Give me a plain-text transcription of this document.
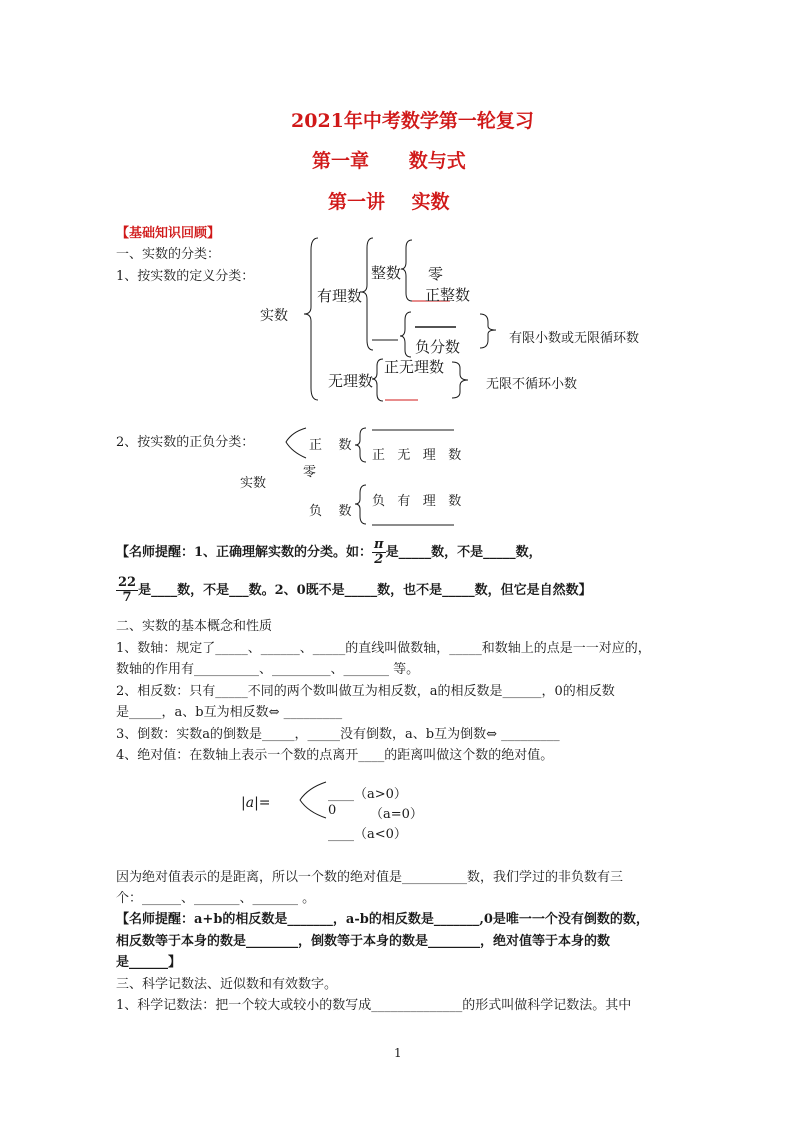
2021年中考数学第一轮复习
第一章      数与式
第一讲    实数
【基础知识回顾】
一、实数的分类：
1、按实数的定义分类：
实数
有理数
整数 零
正整数
负分数	有限小数或无限循环数
无理数
正无理数
无限不循环小数
2、按实数的正负分类：	正    数
零
实数
负    数
正   无   理   数
负   有   理   数
【名师提醒：1、正确理解实数的分类。如： $\frac{\pi}{2}$ 是_____数，不是_____数，
$\frac{22}{7}$ 是____数，不是___数。2、0既不是_____数，也不是_____数，但它是自然数】
二、实数的基本概念和性质
1、数轴：规定了_____、______、_____的直线叫做数轴，_____和数轴上的点是一一对应的，
数轴的作用有__________、_________、_______ 等。
2、相反数：只有_____不同的两个数叫做互为相反数，a的相反数是______，0的相反数
是_____，a、b互为相反数⇔ _________
3、倒数：实数a的倒数是_____，_____没有倒数，a、b互为倒数⇔ _________
4、绝对值：在数轴上表示一个数的点离开____的距离叫做这个数的绝对值。
|a|=
____（a>0）
0	（a=0）
____（a<0）
因为绝对值表示的是距离，所以一个数的绝对值是__________数，我们学过的非负数有三
个：______、_______、_______ 。
【名师提醒：a+b的相反数是_______，a-b的相反数是_______,0是唯一一个没有倒数的数，
相反数等于本身的数是________，倒数等于本身的数是________，绝对值等于本身的数
是______】
三、科学记数法、近似数和有效数字。
1、科学记数法：把一个较大或较小的数写成______________的形式叫做科学记数法。其中
1
